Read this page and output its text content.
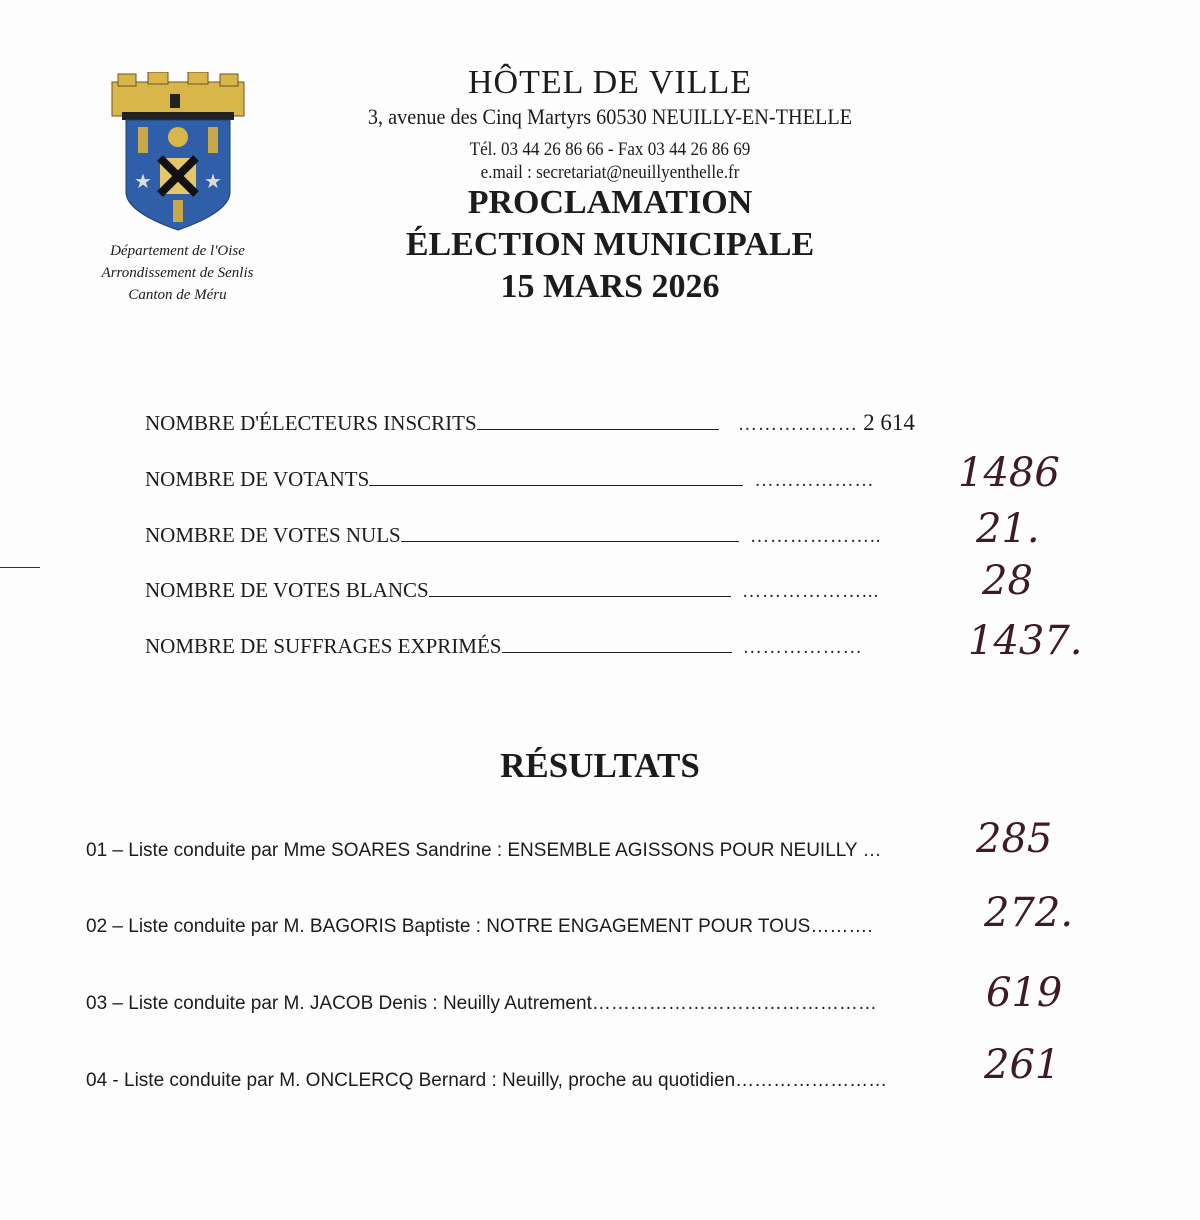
★	★
Département de l'Oise
Arrondissement de Senlis
Canton de Méru
HÔTEL DE VILLE
3, avenue des Cinq Martyrs 60530 NEUILLY-EN-THELLE
Tél. 03 44 26 86 66 - Fax 03 44 26 86 69
e.mail : secretariat@neuillyenthelle.fr
PROCLAMATION
ÉLECTION MUNICIPALE
15 MARS 2026
NOMBRE D'ÉLECTEURS INSCRITS	……………… 2 614
NOMBRE DE VOTANTS	……………… 1486
NOMBRE DE VOTES NULS	……………….. 21.
NOMBRE DE VOTES BLANCS	………………...	28
NOMBRE DE SUFFRAGES EXPRIMÉS	………………	1437.
RÉSULTATS
01 – Liste conduite par Mme SOARES Sandrine : ENSEMBLE AGISSONS POUR NEUILLY … 285
02 – Liste conduite par M. BAGORIS Baptiste : NOTRE ENGAGEMENT POUR TOUS……….	272.
03 – Liste conduite par M. JACOB Denis : Neuilly Autrement………………………………………	619
04 - Liste conduite par M. ONCLERCQ Bernard : Neuilly, proche au quotidien…………………… 261
